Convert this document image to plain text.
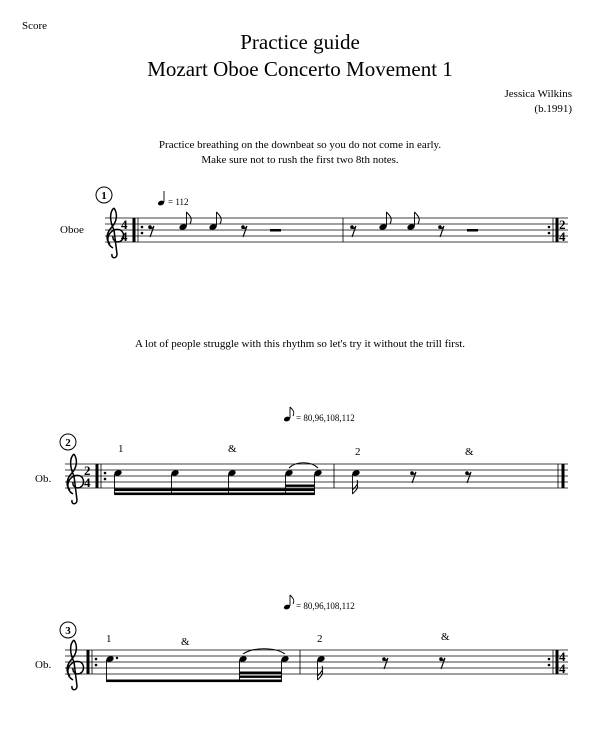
Score
Practice guide
Mozart Oboe Concerto Movement 1
Jessica Wilkins
(b.1991)
Practice breathing on the downbeat so you do not come in early.
Make sure not to rush the first two 8th notes.
A lot of people struggle with this rhythm so let's try it without the trill first.
1	= 112
Oboe	4
4
2
4
= 80,96,108,112
2	1	&	2	&
Ob.
2
4
= 80,96,108,112
3
1	&	2	&
Ob.
4
4
